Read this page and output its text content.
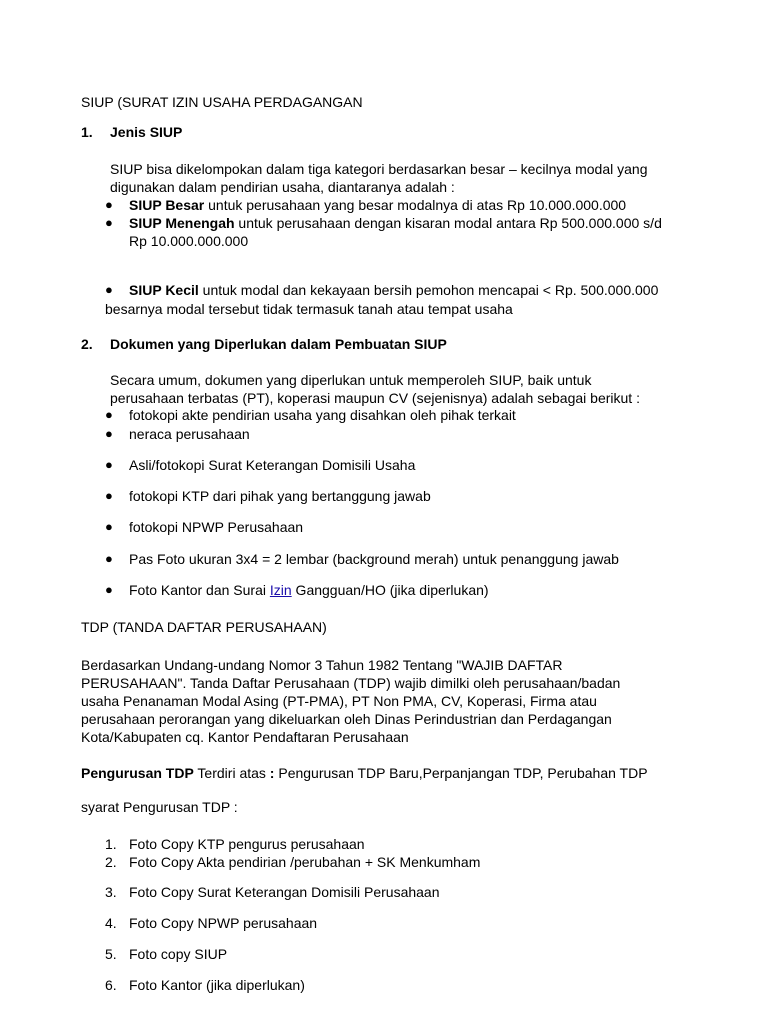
SIUP (SURAT IZIN USAHA PERDAGANGAN
1. Jenis SIUP
SIUP bisa dikelompokan dalam tiga kategori berdasarkan besar – kecilnya modal yang
digunakan dalam pendirian usaha, diantaranya adalah :
● SIUP Besar untuk perusahaan yang besar modalnya di atas Rp 10.000.000.000
● SIUP Menengah untuk perusahaan dengan kisaran modal antara Rp 500.000.000 s/d
Rp 10.000.000.000
● SIUP Kecil untuk modal dan kekayaan bersih pemohon mencapai < Rp. 500.000.000
besarnya modal tersebut tidak termasuk tanah atau tempat usaha
2. Dokumen yang Diperlukan dalam Pembuatan SIUP
Secara umum, dokumen yang diperlukan untuk memperoleh SIUP, baik untuk
perusahaan terbatas (PT), koperasi maupun CV (sejenisnya) adalah sebagai berikut :
● fotokopi akte pendirian usaha yang disahkan oleh pihak terkait
● neraca perusahaan
● Asli/fotokopi Surat Keterangan Domisili Usaha
● fotokopi KTP dari pihak yang bertanggung jawab
● fotokopi NPWP Perusahaan
● Pas Foto ukuran 3x4 = 2 lembar (background merah) untuk penanggung jawab
● Foto Kantor dan Surai Izin Gangguan/HO (jika diperlukan)
TDP (TANDA DAFTAR PERUSAHAAN)
Berdasarkan Undang-undang Nomor 3 Tahun 1982 Tentang "WAJIB DAFTAR
PERUSAHAAN". Tanda Daftar Perusahaan (TDP) wajib dimilki oleh perusahaan/badan
usaha Penanaman Modal Asing (PT-PMA), PT Non PMA, CV, Koperasi, Firma atau
perusahaan perorangan yang dikeluarkan oleh Dinas Perindustrian dan Perdagangan
Kota/Kabupaten cq. Kantor Pendaftaran Perusahaan
Pengurusan TDP Terdiri atas : Pengurusan TDP Baru,Perpanjangan TDP, Perubahan TDP
syarat Pengurusan TDP :
1. Foto Copy KTP pengurus perusahaan
2. Foto Copy Akta pendirian /perubahan + SK Menkumham
3. Foto Copy Surat Keterangan Domisili Perusahaan
4. Foto Copy NPWP perusahaan
5. Foto copy SIUP
6. Foto Kantor (jika diperlukan)
